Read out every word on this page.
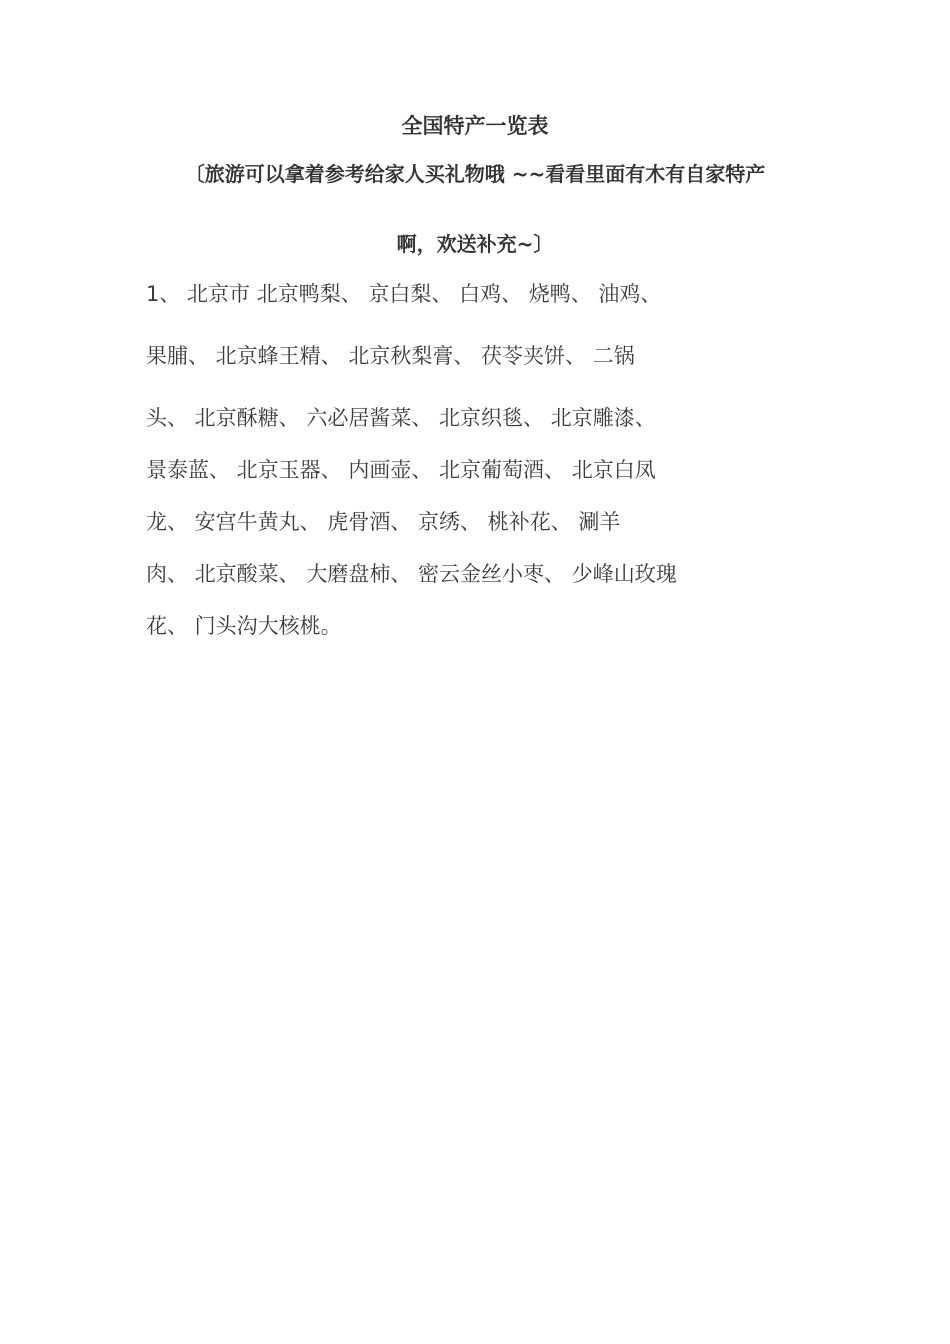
全国特产一览表
〔旅游可以拿着参考给家人买礼物哦 ~~看看里面有木有自家特产
啊，欢送补充~〕
1、 北京市 北京鸭梨、 京白梨、 白鸡、 烧鸭、 油鸡、
果脯、 北京蜂王精、 北京秋梨膏、 茯苓夹饼、 二锅
头、 北京酥糖、 六必居酱菜、 北京织毯、 北京雕漆、
景泰蓝、 北京玉器、 内画壶、 北京葡萄酒、 北京白凤
龙、 安宫牛黄丸、 虎骨酒、 京绣、 桃补花、 涮羊
肉、 北京酸菜、 大磨盘柿、 密云金丝小枣、 少峰山玫瑰
花、 门头沟大核桃。
